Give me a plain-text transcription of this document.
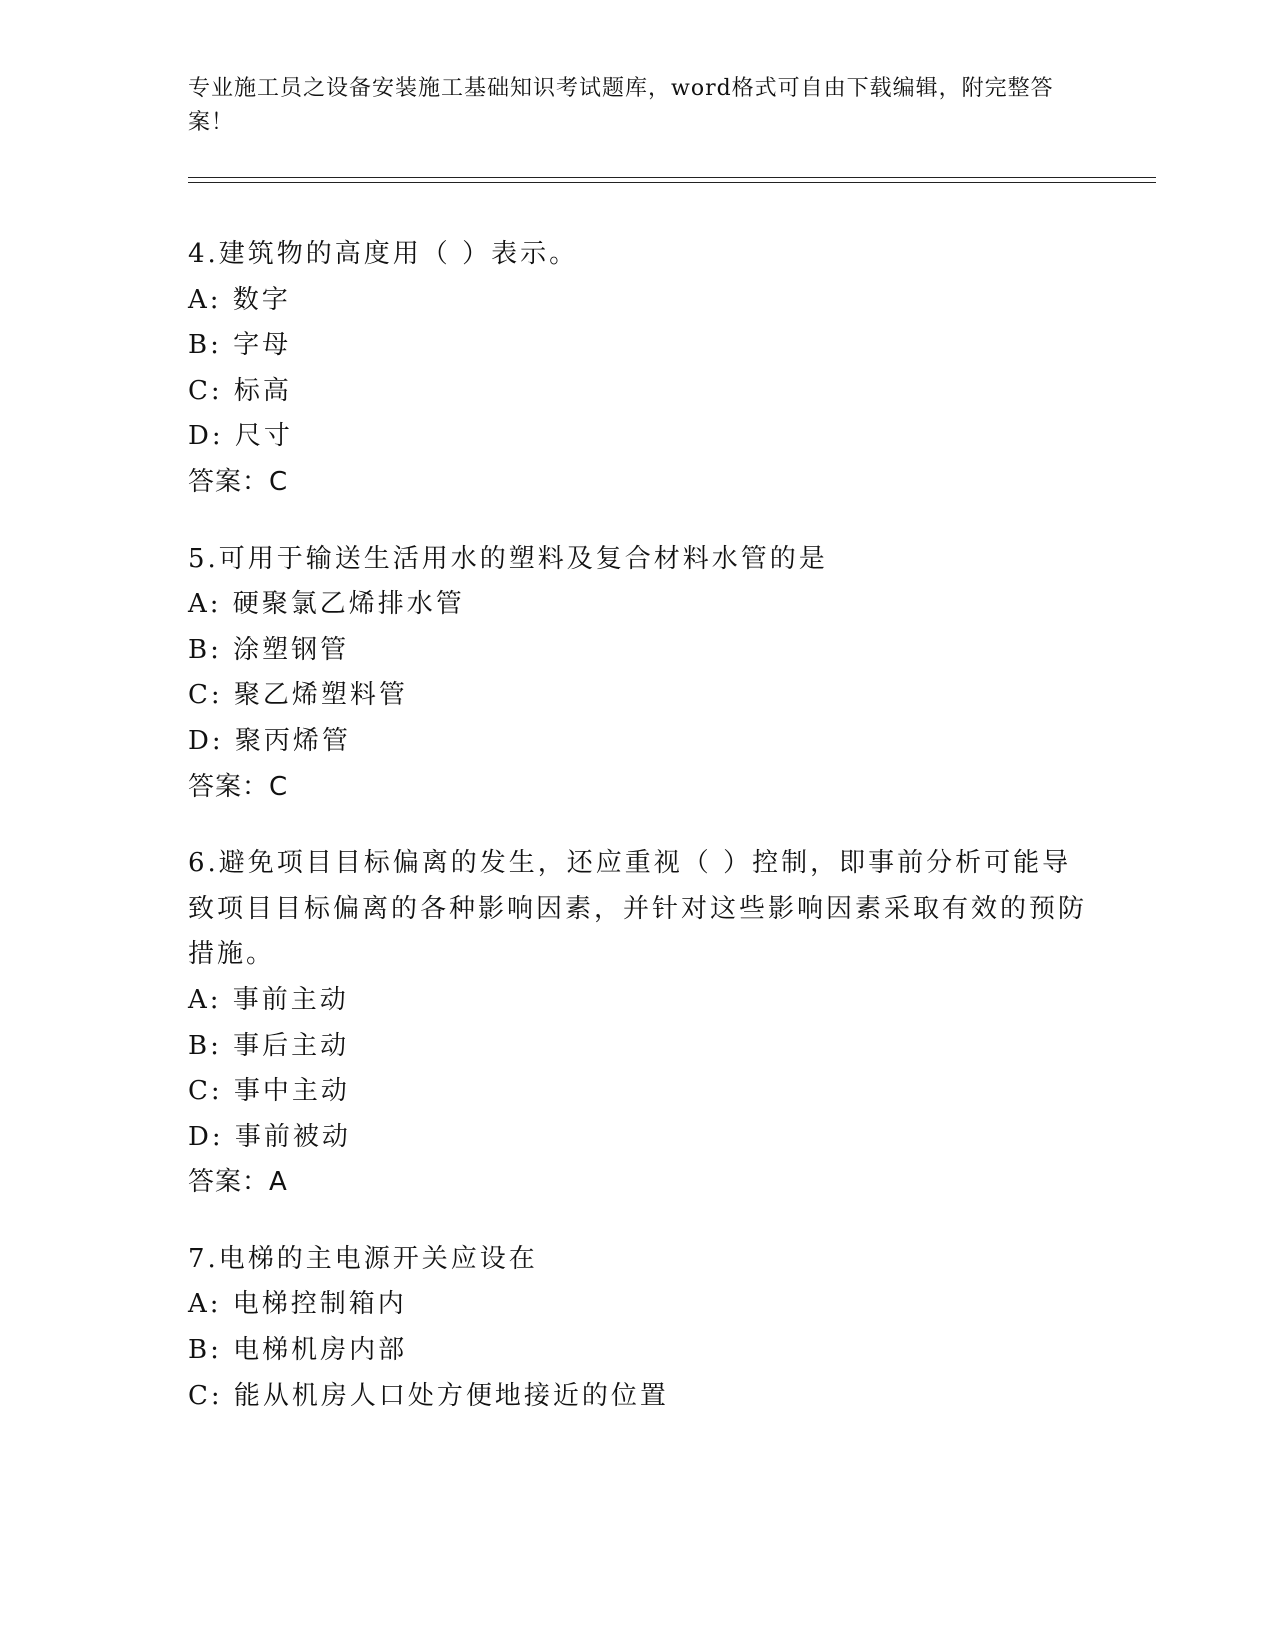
专业施工员之设备安装施工基础知识考试题库，word格式可自由下载编辑，附完整答案！
4.建筑物的高度用（ ）表示。
A: 数字
B: 字母
C: 标高
D: 尺寸
答案：C
5.可用于输送生活用水的塑料及复合材料水管的是
A: 硬聚氯乙烯排水管
B: 涂塑钢管
C: 聚乙烯塑料管
D: 聚丙烯管
答案：C
6.避免项目目标偏离的发生，还应重视（ ）控制，即事前分析可能导致项目目标偏离的各种影响因素，并针对这些影响因素采取有效的预防措施。
A: 事前主动
B: 事后主动
C: 事中主动
D: 事前被动
答案：A
7.电梯的主电源开关应设在
A: 电梯控制箱内
B: 电梯机房内部
C: 能从机房人口处方便地接近的位置
